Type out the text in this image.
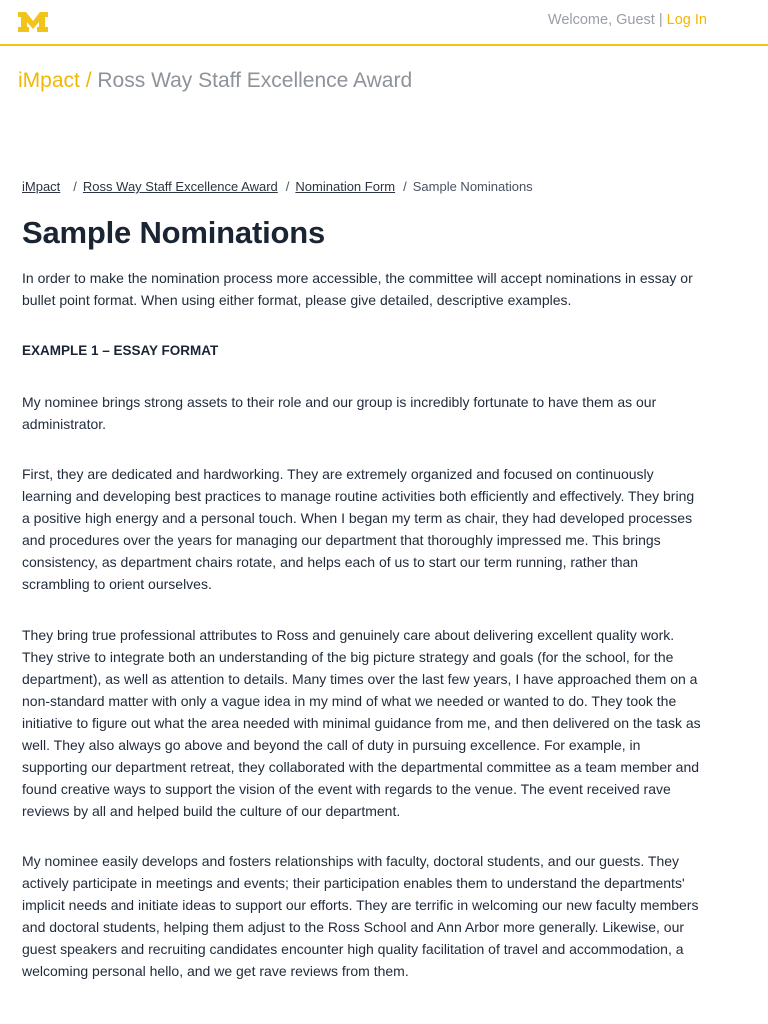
Welcome, Guest | Log In
iMpact / Ross Way Staff Excellence Award
iMpact / Ross Way Staff Excellence Award / Nomination Form / Sample Nominations
Sample Nominations

In order to make the nomination process more accessible, the committee will accept nominations in essay or bullet point format. When using either format, please give detailed, descriptive examples.

EXAMPLE 1 – ESSAY FORMAT

My nominee brings strong assets to their role and our group is incredibly fortunate to have them as our administrator.

First, they are dedicated and hardworking. They are extremely organized and focused on continuously learning and developing best practices to manage routine activities both efficiently and effectively. They bring a positive high energy and a personal touch. When I began my term as chair, they had developed processes and procedures over the years for managing our department that thoroughly impressed me. This brings consistency, as department chairs rotate, and helps each of us to start our term running, rather than scrambling to orient ourselves.

They bring true professional attributes to Ross and genuinely care about delivering excellent quality work. They strive to integrate both an understanding of the big picture strategy and goals (for the school, for the department), as well as attention to details. Many times over the last few years, I have approached them on a non-standard matter with only a vague idea in my mind of what we needed or wanted to do. They took the initiative to figure out what the area needed with minimal guidance from me, and then delivered on the task as well. They also always go above and beyond the call of duty in pursuing excellence. For example, in supporting our department retreat, they collaborated with the departmental committee as a team member and found creative ways to support the vision of the event with regards to the venue. The event received rave reviews by all and helped build the culture of our department.

My nominee easily develops and fosters relationships with faculty, doctoral students, and our guests. They actively participate in meetings and events; their participation enables them to understand the departments' implicit needs and initiate ideas to support our efforts. They are terrific in welcoming our new faculty members and doctoral students, helping them adjust to the Ross School and Ann Arbor more generally. Likewise, our guest speakers and recruiting candidates encounter high quality facilitation of travel and accommodation, a welcoming personal hello, and we get rave reviews from them.
